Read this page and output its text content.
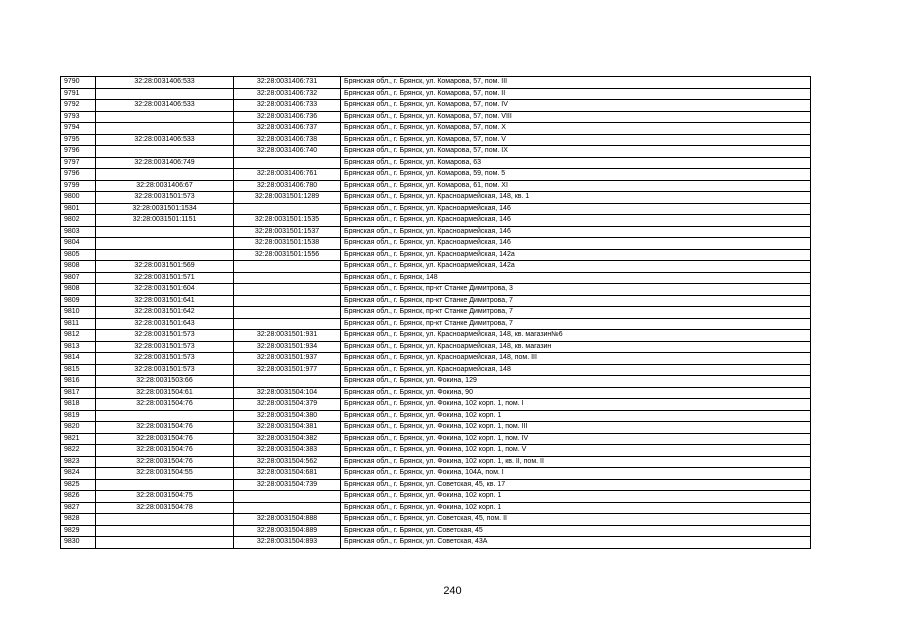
9790	32:28:0031406:533	32:28:0031406:731	Брянская обл., г. Брянск, ул. Комарова, 57, пом. III
9791		32:28:0031406:732	Брянская обл., г. Брянск, ул. Комарова, 57, пом. II
9792	32:28:0031406:533	32:28:0031406:733	Брянская обл., г. Брянск, ул. Комарова, 57, пом. IV
9793		32:28:0031406:736	Брянская обл., г. Брянск, ул. Комарова, 57, пом. VIII
9794		32:28:0031406:737	Брянская обл., г. Брянск, ул. Комарова, 57, пом. X
9795	32:28:0031406:533	32:28:0031406:738	Брянская обл., г. Брянск, ул. Комарова, 57, пом. V
9796		32:28:0031406:740	Брянская обл., г. Брянск, ул. Комарова, 57, пом. IX
9797	32:28:0031406:749		Брянская обл., г. Брянск, ул. Комарова, 63
9796		32:28:0031406:761	Брянская обл., г. Брянск, ул. Комарова, 59, пом. 5
9799	32:28:0031406:67	32:28:0031406:780	Брянская обл., г. Брянск, ул. Комарова, 61, пом. XI
9800	32:28:0031501:573	32:28:0031501:1289	Брянская обл., г. Брянск, ул. Красноармейская, 148, кв. 1
9801	32:28:0031501:1534		Брянская обл., г. Брянск, ул. Красноармейская, 146
9802	32:28:0031501:1151	32:28:0031501:1535	Брянская обл., г. Брянск, ул. Красноармейская, 146
9803		32:28:0031501:1537	Брянская обл., г. Брянск, ул. Красноармейская, 146
9804		32:28:0031501:1538	Брянская обл., г. Брянск, ул. Красноармейская, 146
9805		32:28:0031501:1556	Брянская обл., г. Брянск, ул. Красноармейская, 142а
9808	32:28:0031501:569		Брянская обл., г. Брянск, ул. Красноармейская, 142а
9807	32:28:0031501:571		Брянская обл., г. Брянск, 148
9808	32:28:0031501:604		Брянская обл., г. Брянск, пр-кт Станке Димитрова, 3
9809	32:28:0031501:641		Брянская обл., г. Брянск, пр-кт Станке Димитрова, 7
9810	32:28:0031501:642		Брянская обл., г. Брянск, пр-кт Станке Димитрова, 7
9811	32:28:0031501:643		Брянская обл., г. Брянск, пр-кт Станке Димитрова, 7
9812	32:28:0031501:573	32:28:0031501:931	Брянская обл., г. Брянск, ул. Красноармейская, 148, кв. магазин№6
9813	32:28:0031501:573	32:28:0031501:934	Брянская обл., г. Брянск, ул. Красноармейская, 148, кв. магазин
9814	32:28:0031501:573	32:28:0031501:937	Брянская обл., г. Брянск, ул. Красноармейская, 148, пом. III
9815	32:28:0031501:573	32:28:0031501:977	Брянская обл., г. Брянск, ул. Красноармейская, 148
9816	32:28:0031503:66		Брянская обл., г. Брянск, ул. Фокина, 129
9817	32:28:0031504:61	32:28:0031504:104	Брянская обл., г. Брянск, ул. Фокина, 90
9818	32:28:0031504:76	32:28:0031504:379	Брянская обл., г. Брянск, ул. Фокина, 102 корп. 1, пом. I
9819		32:28:0031504:380	Брянская обл., г. Брянск, ул. Фокина, 102 корп. 1
9820	32:28:0031504:76	32:28:0031504:381	Брянская обл., г. Брянск, ул. Фокина, 102 корп. 1, пом. III
9821	32:28:0031504:76	32:28:0031504:382	Брянская обл., г. Брянск, ул. Фокина, 102 корп. 1, пом. IV
9822	32:28:0031504:76	32:28:0031504:383	Брянская обл., г. Брянск, ул. Фокина, 102 корп. 1, пом. V
9823	32:28:0031504:76	32:28:0031504:562	Брянская обл., г. Брянск, ул. Фокина, 102 корп. 1, кв. II, пом. II
9824	32:28:0031504:55	32:28:0031504:681	Брянская обл., г. Брянск, ул. Фокина, 104А, пом. I
9825		32:28:0031504:739	Брянская обл., г. Брянск, ул. Советская, 45, кв. 17
9826	32:28:0031504:75		Брянская обл., г. Брянск, ул. Фокина, 102 корп. 1
9827	32:28:0031504:78		Брянская обл., г. Брянск, ул. Фокина, 102 корп. 1
9828		32:28:0031504:888	Брянская обл., г. Брянск, ул. Советская, 45, пом. II
9829		32:28:0031504:889	Брянская обл., г. Брянск, ул. Советская, 45
9830		32:28:0031504:893	Брянская обл., г. Брянск, ул. Советская, 43А
240
